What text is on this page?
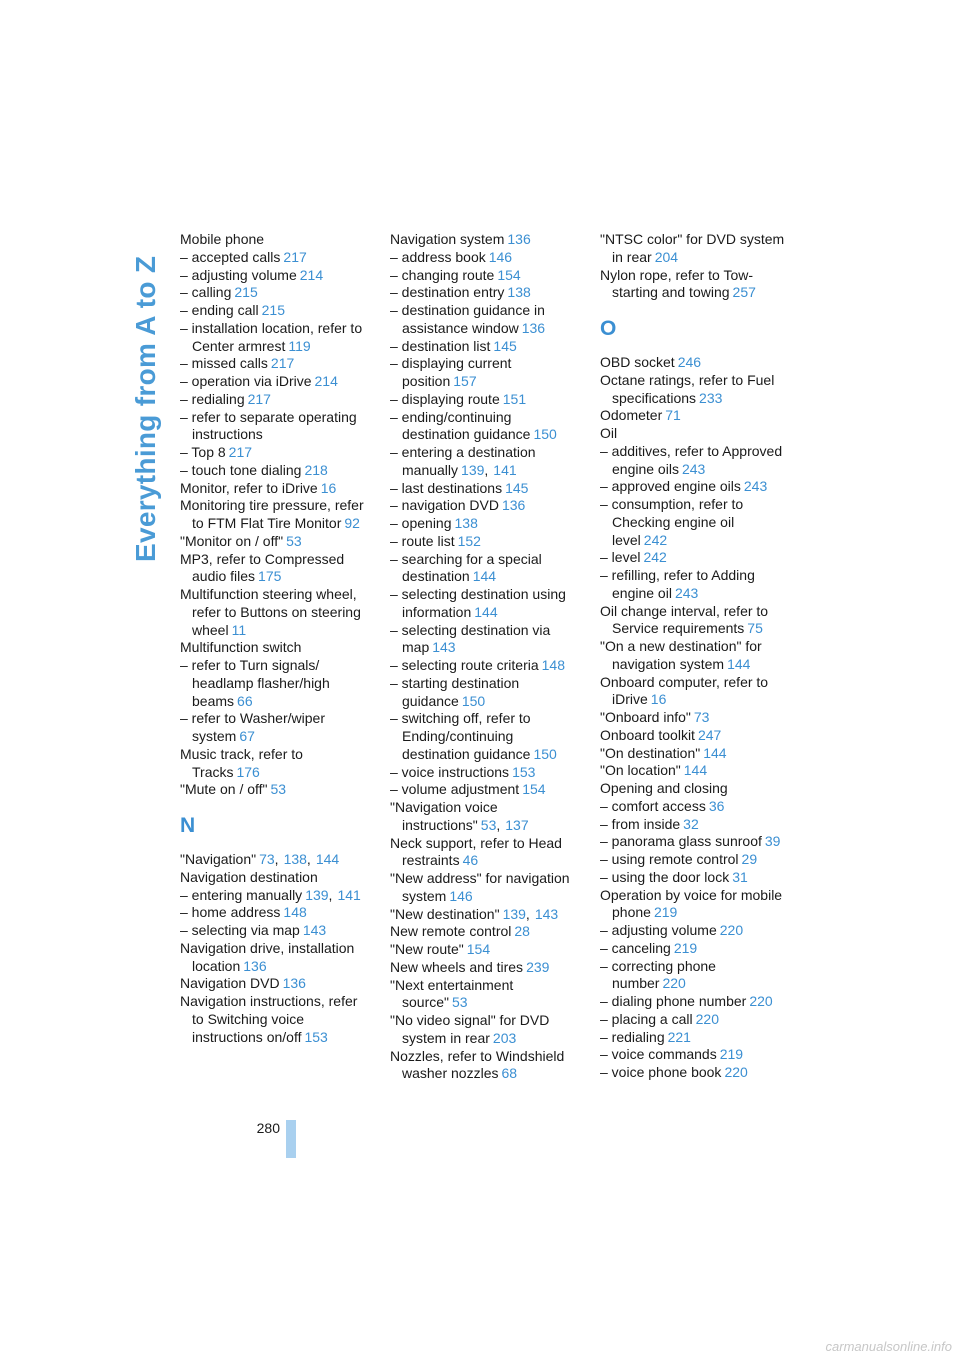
Everything from A to Z

Mobile phone

– accepted calls 217

– adjusting volume 214

– calling 215

– ending call 215

– installation location, refer to Center armrest 119

– missed calls 217

– operation via iDrive 214

– redialing 217

– refer to separate operating instructions

– Top 8 217

– touch tone dialing 218

Monitor, refer to iDrive 16

Monitoring tire pressure, refer to FTM Flat Tire Monitor 92

"Monitor on / off" 53

MP3, refer to Compressed audio files 175

Multifunction steering wheel, refer to Buttons on steering wheel 11

Multifunction switch

– refer to Turn signals/ headlamp flasher/high beams 66

– refer to Washer/wiper system 67

Music track, refer to Tracks 176

"Mute on / off" 53

N

"Navigation" 73, 138, 144

Navigation destination

– entering manually 139, 141

– home address 148

– selecting via map 143

Navigation drive, installation location 136

Navigation DVD 136

Navigation instructions, refer to Switching voice instructions on/off 153

Navigation system 136

– address book 146

– changing route 154

– destination entry 138

– destination guidance in assistance window 136

– destination list 145

– displaying current position 157

– displaying route 151

– ending/continuing destination guidance 150

– entering a destination manually 139, 141

– last destinations 145

– navigation DVD 136

– opening 138

– route list 152

– searching for a special destination 144

– selecting destination using information 144

– selecting destination via map 143

– selecting route criteria 148

– starting destination guidance 150

– switching off, refer to Ending/continuing destination guidance 150

– voice instructions 153

– volume adjustment 154

"Navigation voice instructions" 53, 137

Neck support, refer to Head restraints 46

"New address" for navigation system 146

"New destination" 139, 143

New remote control 28

"New route" 154

New wheels and tires 239

"Next entertainment source" 53

"No video signal" for DVD system in rear 203

Nozzles, refer to Windshield washer nozzles 68

"NTSC color" for DVD system in rear 204

Nylon rope, refer to Tow-starting and towing 257

O

OBD socket 246

Octane ratings, refer to Fuel specifications 233

Odometer 71

Oil

– additives, refer to Approved engine oils 243

– approved engine oils 243

– consumption, refer to Checking engine oil level 242

– level 242

– refilling, refer to Adding engine oil 243

Oil change interval, refer to Service requirements 75

"On a new destination" for navigation system 144

Onboard computer, refer to iDrive 16

"Onboard info" 73

Onboard toolkit 247

"On destination" 144

"On location" 144

Opening and closing

– comfort access 36

– from inside 32

– panorama glass sunroof 39

– using remote control 29

– using the door lock 31

Operation by voice for mobile phone 219

– adjusting volume 220

– canceling 219

– correcting phone number 220

– dialing phone number 220

– placing a call 220

– redialing 221

– voice commands 219

– voice phone book 220

280
carmanualsonline.info
